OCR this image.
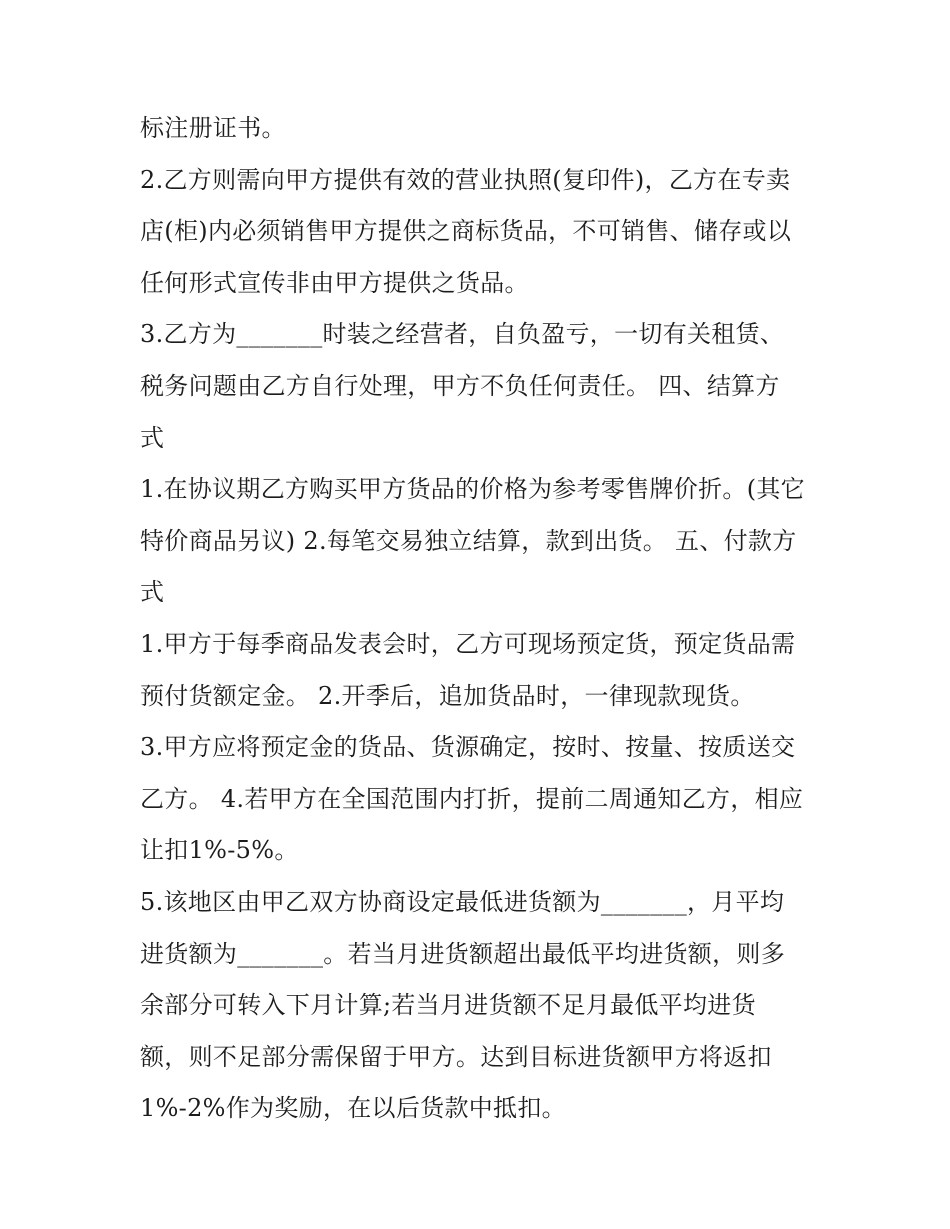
标注册证书。
2.乙方则需向甲方提供有效的营业执照(复印件)，乙方在专卖
店(柜)内必须销售甲方提供之商标货品，不可销售、储存或以
任何形式宣传非由甲方提供之货品。
3.乙方为_______时装之经营者，自负盈亏，一切有关租赁、
税务问题由乙方自行处理，甲方不负任何责任。 四、结算方
式
1.在协议期乙方购买甲方货品的价格为参考零售牌价折。(其它
特价商品另议) 2.每笔交易独立结算，款到出货。 五、付款方
式
1.甲方于每季商品发表会时，乙方可现场预定货，预定货品需
预付货额定金。 2.开季后，追加货品时，一律现款现货。
3.甲方应将预定金的货品、货源确定，按时、按量、按质送交
乙方。 4.若甲方在全国范围内打折，提前二周通知乙方，相应
让扣1%-5%。
5.该地区由甲乙双方协商设定最低进货额为_______，月平均
进货额为_______。若当月进货额超出最低平均进货额，则多
余部分可转入下月计算;若当月进货额不足月最低平均进货
额，则不足部分需保留于甲方。达到目标进货额甲方将返扣
1%-2%作为奖励，在以后货款中抵扣。
